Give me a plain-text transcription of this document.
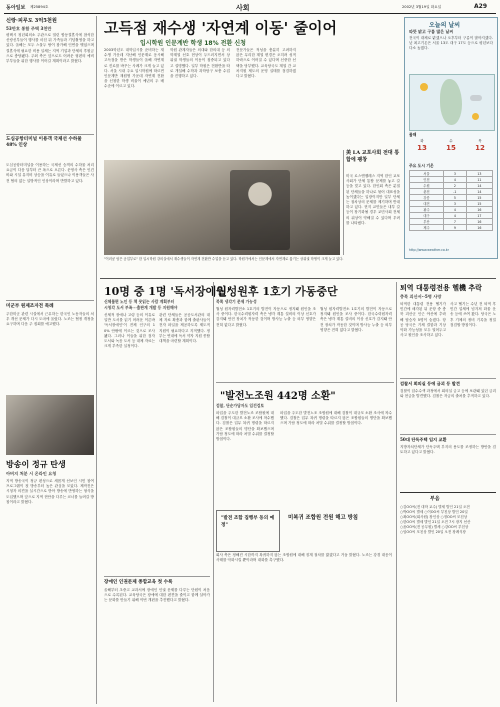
동아일보 제25894호	사회	2002년 3월19일 화요일	A29
신랑·피루도 3억5천원
53만호 통합 주택 3천만
평택시 청년회의소 주관으로 열린 합동결혼식에 참석한 신랑신부들이 행사를 마친 뒤 가족들과 기념촬영을 하고 있다. 올해는 모두 스물두 쌍이 참가해 인연을 맺었으며 결혼식에 필요한 비용 일체는 지역 기업과 단체의 후원금으로 충당됐다. 주최 측은 앞으로도 어려운 형편의 예비부부들을 위한 행사를 이어갈 계획이라고 밝혔다.
도심공항터미널 이용객 국제선 수하물 48% 인상
도심공항터미널을 이용하는 국제선 승객의 수하물 처리 요금이 다음 달부터 큰 폭으로 오른다. 운영사 측은 인건비와 시설 유지비 상승을 이유로 들었으나 이용객들은 사전 협의 없는 일방적인 인상이라며 반발하고 있다.
미군부 원제조자전 특례
주한미군 관련 시설에서 근무하는 한국인 노동자들의 처우 개선 문제가 다시 도마에 올랐다. 노조는 협정 개정을 요구하며 다음 주 집회를 예고했다.
방송이 정규 탄생
아버지 처분 시 온라인 요청
지역 방송국이 정규 편성으로 새롭게 선보인 시민 참여 프로그램이 첫 방송부터 높은 관심을 모았다. 제작진은 시청자 의견을 실시간으로 받아 방송에 반영하는 형식을 도입했으며 앞으로 지역 현안을 다루는 코너를 늘려갈 방침이라고 밝혔다.
고득점 재수생 '자연계 이동' 줄이어
입시학원 인문계반 학생 18% 전환 신청
2003학년도 대학입시를 준비하는 재수생 가운데 지난해 인문계로 응시해 고득점을 받은 학생들이 올해 자연계로 진로를 바꾸는 사례가 크게 늘고 있다. 서울 시내 주요 입시학원에 따르면 인문계반 재원생 가운데 자연계 전환을 신청한 학생 비율이 예년의 두 배 수준에 이르고 있다.
학원 관계자들은 의대와 한의대 등 의학계열 선호 현상이 두드러지면서 상위권 학생들의 이동이 집중되고 있다고 설명했다. 일부 학원은 전환반을 따로 개설해 수학과 과학탐구 보충 수업을 진행하고 있다.
전문가들은 적성을 충분히 고려하지 않은 무리한 계열 변경은 오히려 성적 하락으로 이어질 수 있다며 신중한 선택을 당부했다. 교육당국도 계열 간 교차지원 제도의 운영 실태를 점검하겠다고 밝혔다.
"이러쿵 엄끈 공업부로" 한 입시학원 강의실에서 재수생들이 자연계 전환반 수업을 듣고 있다. 학원가에서는 인문계에서 자연계로 옮기는 상위권 학생이 크게 늘고 있다.
美 LA 교포사회 전대 통합에 팽창
미국 로스앤젤레스 지역 한인 교포사회가 단체 통합 문제를 놓고 갈등을 빚고 있다. 한인회 측은 분열된 단체들을 하나로 묶어 대표성을 높이겠다는 입장이지만 일부 단체는 절차상의 문제를 제기하며 반대하고 있다. 현지 교민들은 내부 갈등이 장기화될 경우 교민사회 전체의 위상이 약해질 수 있다며 우려를 나타냈다.
오늘의 날씨
따뜻 맑고 구름 많은 날씨
전국이 대체로 맑겠으나 오후부터 구름이 많아지겠다. 낮 최고기온은 서울 13도 대구 17도 등으로 평년보다 다소 높겠다.
물때
화
13
수
15
목
12
주요 도시 기온
서울	3	13
인천	4	11
수원	2	14
춘천	-1	14
강릉	5	15
대전	3	15
광주	4	16
대구	4	17
부산	7	16
제주	9	16
http://www.weather.co.kr
10명 중 1명 '독서장애인'
신체불편 노인 등 책 못읽는 사람 계획부터
시청각 도서 부족···출판계 개발 등 지원해야
신체적 장애나 고령 등의 이유로 일반 도서를 읽기 어려운 이른바 '독서장애인'이 전체 인구의 10% 안팎에 이르는 것으로 조사됐다. 그러나 이들을 위한 점자 도서와 녹음 도서 등 대체 자료는 크게 부족한 실정이다.
관련 단체들은 공공도서관의 대체 자료 확충과 함께 출판사들이 전자 파일을 제공하도록 제도적 지원이 필요하다고 지적했다. 정부는 연내에 독서 약자 지원 종합대책을 마련할 계획이다.
장애인 인권문제 종합교육 첫 수록
올해부터 초중고 교과서에 장애인 인권 문제를 다루는 단원이 처음으로 수록된다. 교육당국은 장애에 대한 편견을 줄이고 함께 살아가는 문화를 만들기 위해 이번 개편을 추진했다고 밝혔다.
월성원후 1호기 가동중단
북쪽 냉각기 문제 가능성
월성 원자력발전소 1호기의 발전이 자동으로 정지돼 원인을 조사 중이다. 한국수력원자력 측은 냉각 계통 설비의 이상 신호가 감지돼 안전 장치가 작동한 것이며 방사능 누출 등 외부 영향은 전혀 없다고 밝혔다.
"발전노조원 442명 소환"
검찰, 단순가담자도 입건검토
파업을 주도한 발전노조 조합원에 대해 검찰이 대규모 소환 조사에 착수했다. 검찰은 업무 복귀 명령을 따르지 않은 조합원들의 명단을 확보했으며 가담 정도에 따라 처벌 수위를 결정할 방침이다.
"발전 조합 집행부 동의 예정"
미복귀 조합원 전원 해고 방침
회사 측은 정해진 시한까지 복귀하지 않는 조합원에 대해 징계 절차를 밟겠다고 거듭 밝혔다. 노조는 강경 대응이 사태를 악화시킬 뿐이라며 대화를 촉구했다.
파업을 주도한 발전노조 조합원에 대해 검찰이 대규모 소환 조사에 착수했다. 검찰은 업무 복귀 명령을 따르지 않은 조합원들의 명단을 확보했으며 가담 정도에 따라 처벌 수위를 결정할 방침이다.
월성 원자력발전소 1호기의 발전이 자동으로 정지돼 원인을 조사 중이다. 한국수력원자력 측은 냉각 계통 설비의 이상 신호가 감지돼 안전 장치가 작동한 것이며 방사능 누출 등 외부 영향은 전혀 없다고 밝혔다.
퇴역 대통령전용 헬機 추락
충북 괴산서··5명 사망
퇴역한 대통령 전용 헬기가 민간에 매각된 뒤 운항 중 충북 괴산군 인근 야산에 추락해 탑승자 5명이 숨졌다. 항공 당국은 기체 결함과 기상 악화 가능성을 모두 열어두고 사고 원인을 조사하고 있다.
사고 헬기는 수년 전 퇴역 후 민간 업체에 넘겨져 화물 운송 등에 쓰여 왔다. 당국은 노후 기체의 정비 기록을 정밀 점검할 방침이다.
검찰서 회의실 등에 금괴 등 발견
검찰이 압수수색 과정에서 회의실 금고 등에 보관돼 있던 금괴와 현금을 발견했다. 검찰은 자금의 출처를 추적하고 있다.
50대 단독주택 입지 교환
지방자치단체가 단독주택 부지의 용도를 조정하는 방안을 검토하고 있다고 밝혔다.
부음
○김OO씨(전 대학 교수) 별세 발인 21일 오전
○박OO씨 별세 ○이OO씨 부친상 발인 20일
○최OO씨(회사원) 장인상 ○정OO씨 모친상
○한OO씨 별세 발인 21일 오전 7시 장지 선산
○윤OO씨(전 공무원) 별세 ○강OO씨 부친상
○임OO씨 모친상 발인 20일 오전 장례식장
